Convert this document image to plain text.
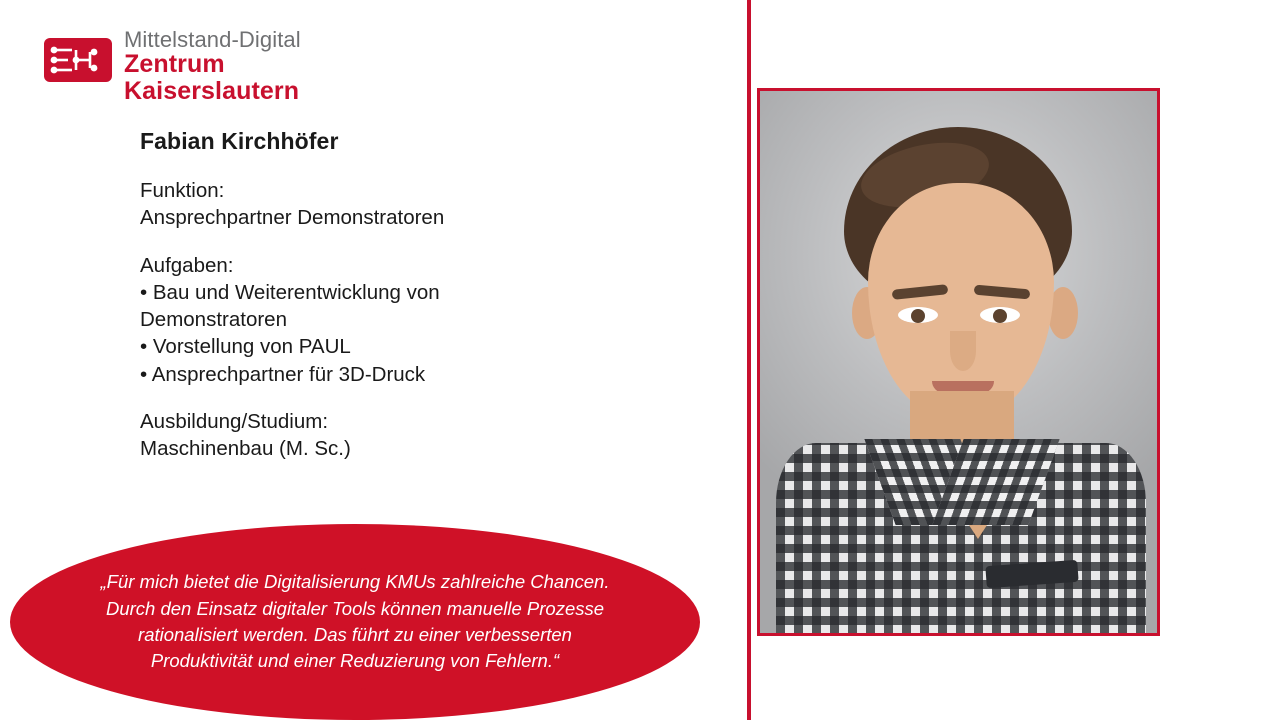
Mittelstand-Digital
Zentrum
Kaiserslautern
Fabian Kirchhöfer
Funktion:
Ansprechpartner Demonstratoren
Aufgaben:
• Bau und Weiterentwicklung von
Demonstratoren
• Vorstellung von PAUL
• Ansprechpartner für 3D-Druck
Ausbildung/Studium:
Maschinenbau (M. Sc.)
„Für mich bietet die Digitalisierung KMUs zahlreiche Chancen. Durch den Einsatz digitaler Tools können manuelle Prozesse rationalisiert werden. Das führt zu einer verbesserten Produktivität und einer Reduzierung von Fehlern.“
